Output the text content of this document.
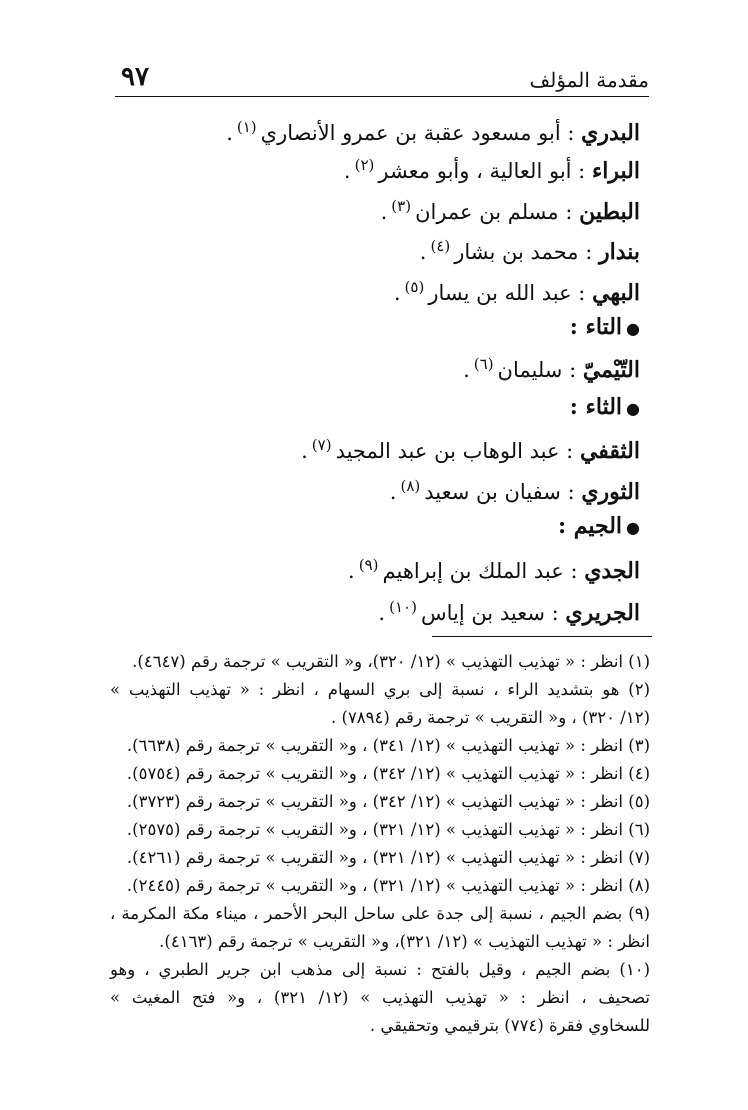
٩٧	مقدمة المؤلف
البدري : أبو مسعود عقبة بن عمرو الأنصاري$^{(١)}$.
البراء : أبو العالية ، وأبو معشر$^{(٢)}$.
البطين : مسلم بن عمران$^{(٣)}$.
بندار : محمد بن بشار$^{(٤)}$.
البهي : عبد الله بن يسار$^{(٥)}$.
●التاء :
التّيْميّ : سليمان$^{(٦)}$.
●الثاء :
الثقفي : عبد الوهاب بن عبد المجيد$^{(٧)}$.
الثوري : سفيان بن سعيد$^{(٨)}$.
●الجيم :
الجدي : عبد الملك بن إبراهيم$^{(٩)}$.
الجريري : سعيد بن إياس$^{(١٠)}$.
(١) انظر : « تهذيب التهذيب » (١٢/ ٣٢٠)، و« التقريب » ترجمة رقم (٤٦٤٧).
(٢) هو بتشديد الراء ، نسبة إلى بري السهام ، انظر : « تهذيب التهذيب »
(١٢/ ٣٢٠) ، و« التقريب » ترجمة رقم (٧٨٩٤) .
(٣) انظر : « تهذيب التهذيب » (١٢/ ٣٤١) ، و« التقريب » ترجمة رقم (٦٦٣٨).
(٤) انظر : « تهذيب التهذيب » (١٢/ ٣٤٢) ، و« التقريب » ترجمة رقم (٥٧٥٤).
(٥) انظر : « تهذيب التهذيب » (١٢/ ٣٤٢) ، و« التقريب » ترجمة رقم (٣٧٢٣).
(٦) انظر : « تهذيب التهذيب » (١٢/ ٣٢١) ، و« التقريب » ترجمة رقم (٢٥٧٥).
(٧) انظر : « تهذيب التهذيب » (١٢/ ٣٢١) ، و« التقريب » ترجمة رقم (٤٢٦١).
(٨) انظر : « تهذيب التهذيب » (١٢/ ٣٢١) ، و« التقريب » ترجمة رقم (٢٤٤٥).
(٩) بضم الجيم ، نسبة إلى جدة على ساحل البحر الأحمر ، ميناء مكة المكرمة ،
انظر : « تهذيب التهذيب » (١٢/ ٣٢١)، و« التقريب » ترجمة رقم (٤١٦٣).
(١٠) بضم الجيم ، وقيل بالفتح : نسبة إلى مذهب ابن جرير الطبري ، وهو
تصحيف ، انظر : « تهذيب التهذيب » (١٢/ ٣٢١) ، و« فتح المغيث »
للسخاوي فقرة (٧٧٤) بترقيمي وتحقيقي .
